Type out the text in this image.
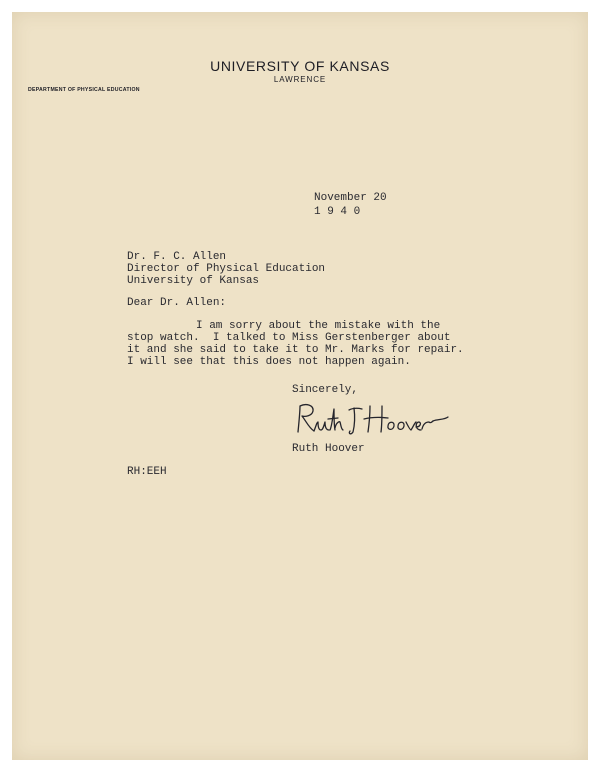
UNIVERSITY OF KANSAS
LAWRENCE
DEPARTMENT OF PHYSICAL EDUCATION
November 20
1 9 4 0
Dr. F. C. Allen
Director of Physical Education
University of Kansas
Dear Dr. Allen:
I am sorry about the mistake with the
stop watch.  I talked to Miss Gerstenberger about
it and she said to take it to Mr. Marks for repair.
I will see that this does not happen again.
Sincerely,
Ruth Hoover
RH:EEH
